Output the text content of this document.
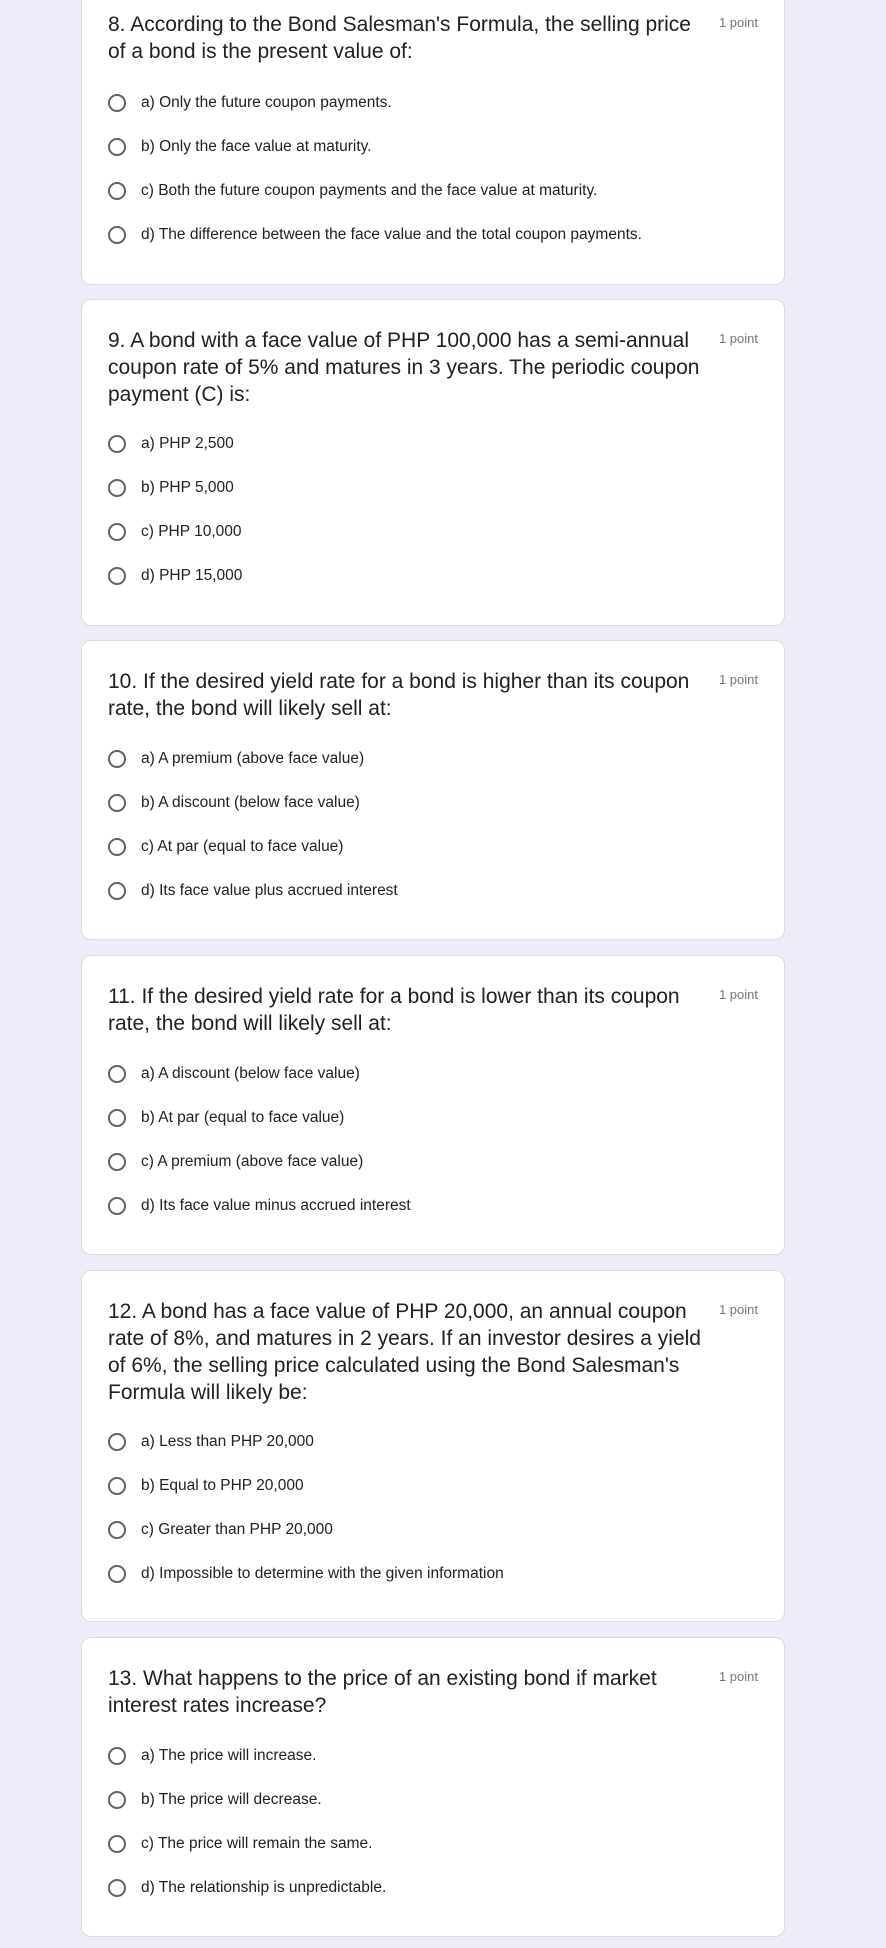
8. According to the Bond Salesman's Formula, the selling price of a bond is the present value of:
1 point
a) Only the future coupon payments.
b) Only the face value at maturity.
c) Both the future coupon payments and the face value at maturity.
d) The difference between the face value and the total coupon payments.
9. A bond with a face value of PHP 100,000 has a semi-annual coupon rate of 5% and matures in 3 years. The periodic coupon payment (C) is:
1 point
a) PHP 2,500
b) PHP 5,000
c) PHP 10,000
d) PHP 15,000
10. If the desired yield rate for a bond is higher than its coupon rate, the bond will likely sell at:
1 point
a) A premium (above face value)
b) A discount (below face value)
c) At par (equal to face value)
d) Its face value plus accrued interest
11. If the desired yield rate for a bond is lower than its coupon rate, the bond will likely sell at:
1 point
a) A discount (below face value)
b) At par (equal to face value)
c) A premium (above face value)
d) Its face value minus accrued interest
12. A bond has a face value of PHP 20,000, an annual coupon rate of 8%, and matures in 2 years. If an investor desires a yield of 6%, the selling price calculated using the Bond Salesman's Formula will likely be:
1 point
a) Less than PHP 20,000
b) Equal to PHP 20,000
c) Greater than PHP 20,000
d) Impossible to determine with the given information
13. What happens to the price of an existing bond if market interest rates increase?
1 point
a) The price will increase.
b) The price will decrease.
c) The price will remain the same.
d) The relationship is unpredictable.
